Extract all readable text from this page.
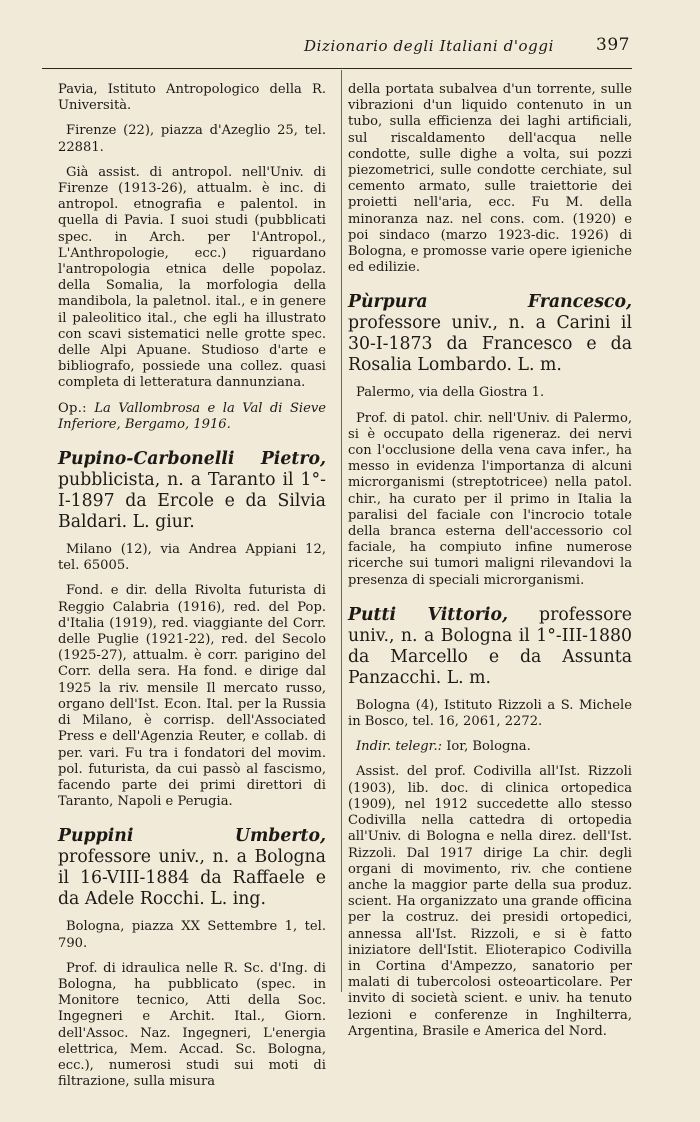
Dizionario degli Italiani d'oggi 397

Pavia, Istituto Antropologico della R. Università.

Firenze (22), piazza d'Azeglio 25, tel. 22881.

Già assist. di antropol. nell'Univ. di Firenze (1913-26), attualm. è inc. di antropol. etnografia e palentol. in quella di Pavia. I suoi studi (pubblicati spec. in Arch. per l'Antropol., L'Anthropologie, ecc.) riguardano l'antropologia etnica delle popolaz. della Somalia, la morfologia della mandibola, la paletnol. ital., e in genere il paleolitico ital., che egli ha illustrato con scavi sistematici nelle grotte spec. delle Alpi Apuane. Studioso d'arte e bibliografo, possiede una collez. quasi completa di letteratura dannunziana.

Op.: La Vallombrosa e la Val di Sieve Inferiore, Bergamo, 1916.

Pupino-Carbonelli Pietro, pubblicista, n. a Taranto il 1°-I-1897 da Ercole e da Silvia Baldari. L. giur.

Milano (12), via Andrea Appiani 12, tel. 65005.

Fond. e dir. della Rivolta futurista di Reggio Calabria (1916), red. del Pop. d'Italia (1919), red. viaggiante del Corr. delle Puglie (1921-22), red. del Secolo (1925-27), attualm. è corr. parigino del Corr. della sera. Ha fond. e dirige dal 1925 la riv. mensile Il mercato russo, organo dell'Ist. Econ. Ital. per la Russia di Milano, è corrisp. dell'Associated Press e dell'Agenzia Reuter, e collab. di per. vari. Fu tra i fondatori del movim. pol. futurista, da cui passò al fascismo, facendo parte dei primi direttori di Taranto, Napoli e Perugia.

Puppini Umberto, professore univ., n. a Bologna il 16-VIII-1884 da Raffaele e da Adele Rocchi. L. ing.

Bologna, piazza XX Settembre 1, tel. 790.

Prof. di idraulica nelle R. Sc. d'Ing. di Bologna, ha pubblicato (spec. in Monitore tecnico, Atti della Soc. Ingegneri e Archit. Ital., Giorn. dell'Assoc. Naz. Ingegneri, L'energia elettrica, Mem. Accad. Sc. Bologna, ecc.), numerosi studi sui moti di filtrazione, sulla misura

della portata subalvea d'un torrente, sulle vibrazioni d'un liquido contenuto in un tubo, sulla efficienza dei laghi artificiali, sul riscaldamento dell'acqua nelle condotte, sulle dighe a volta, sui pozzi piezometrici, sulle condotte cerchiate, sul cemento armato, sulle traiettorie dei proietti nell'aria, ecc. Fu M. della minoranza naz. nel cons. com. (1920) e poi sindaco (marzo 1923-dic. 1926) di Bologna, e promosse varie opere igieniche ed edilizie.

Pùrpura Francesco, professore univ., n. a Carini il 30-I-1873 da Francesco e da Rosalia Lombardo. L. m.

Palermo, via della Giostra 1.

Prof. di patol. chir. nell'Univ. di Palermo, si è occupato della rigeneraz. dei nervi con l'occlusione della vena cava infer., ha messo in evidenza l'importanza di alcuni microrganismi (streptotricee) nella patol. chir., ha curato per il primo in Italia la paralisi del faciale con l'incrocio totale della branca esterna dell'accessorio col faciale, ha compiuto infine numerose ricerche sui tumori maligni rilevandovi la presenza di speciali microrganismi.

Putti Vittorio, professore univ., n. a Bologna il 1°-III-1880 da Marcello e da Assunta Panzacchi. L. m.

Bologna (4), Istituto Rizzoli a S. Michele in Bosco, tel. 16, 2061, 2272.

Indir. telegr.: Ior, Bologna.

Assist. del prof. Codivilla all'Ist. Rizzoli (1903), lib. doc. di clinica ortopedica (1909), nel 1912 succedette allo stesso Codivilla nella cattedra di ortopedia all'Univ. di Bologna e nella direz. dell'Ist. Rizzoli. Dal 1917 dirige La chir. degli organi di movimento, riv. che contiene anche la maggior parte della sua produz. scient. Ha organizzato una grande officina per la costruz. dei presidi ortopedici, annessa all'Ist. Rizzoli, e si è fatto iniziatore dell'Istit. Elioterapico Codivilla in Cortina d'Ampezzo, sanatorio per malati di tubercolosi osteoarticolare. Per invito di società scient. e univ. ha tenuto lezioni e conferenze in Inghilterra, Argentina, Brasile e America del Nord.
